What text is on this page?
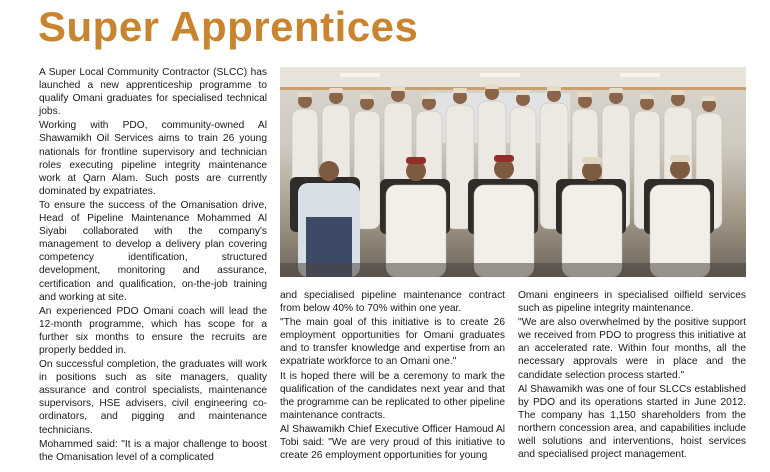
Super Apprentices

A Super Local Community Contractor (SLCC) has launched a new apprenticeship programme to qualify Omani graduates for specialised technical jobs.

Working with PDO, community-owned Al Shawamikh Oil Services aims to train 26 young nationals for frontline supervisory and technician roles executing pipeline integrity maintenance work at Qarn Alam. Such posts are currently dominated by expatriates.

To ensure the success of the Omanisation drive, Head of Pipeline Maintenance Mohammed Al Siyabi collaborated with the company's management to develop a delivery plan covering competency identification, structured development, monitoring and assurance, certification and qualification, on-the-job training and working at site.

An experienced PDO Omani coach will lead the 12-month programme, which has scope for a further six months to ensure the recruits are properly bedded in.

On successful completion, the graduates will work in positions such as site managers, quality assurance and control specialists, maintenance supervisors, HSE advisers, civil engineering co-ordinators, and pigging and maintenance technicians.

Mohammed said: "It is a major challenge to boost the Omanisation level of a complicated

and specialised pipeline maintenance contract from below 40% to 70% within one year.

"The main goal of this initiative is to create 26 employment opportunities for Omani graduates and to transfer knowledge and expertise from an expatriate workforce to an Omani one."

It is hoped there will be a ceremony to mark the qualification of the candidates next year and that the programme can be replicated to other pipeline maintenance contracts.

Al Shawamikh Chief Executive Officer Hamoud Al Tobi said: "We are very proud of this initiative to create 26 employment opportunities for young

Omani engineers in specialised oilfield services such as pipeline integrity maintenance.

"We are also overwhelmed by the positive support we received from PDO to progress this initiative at an accelerated rate. Within four months, all the necessary approvals were in place and the candidate selection process started."

Al Shawamikh was one of four SLCCs established by PDO and its operations started in June 2012. The company has 1,150 shareholders from the northern concession area, and capabilities include well solutions and interventions, hoist services and specialised project management.
